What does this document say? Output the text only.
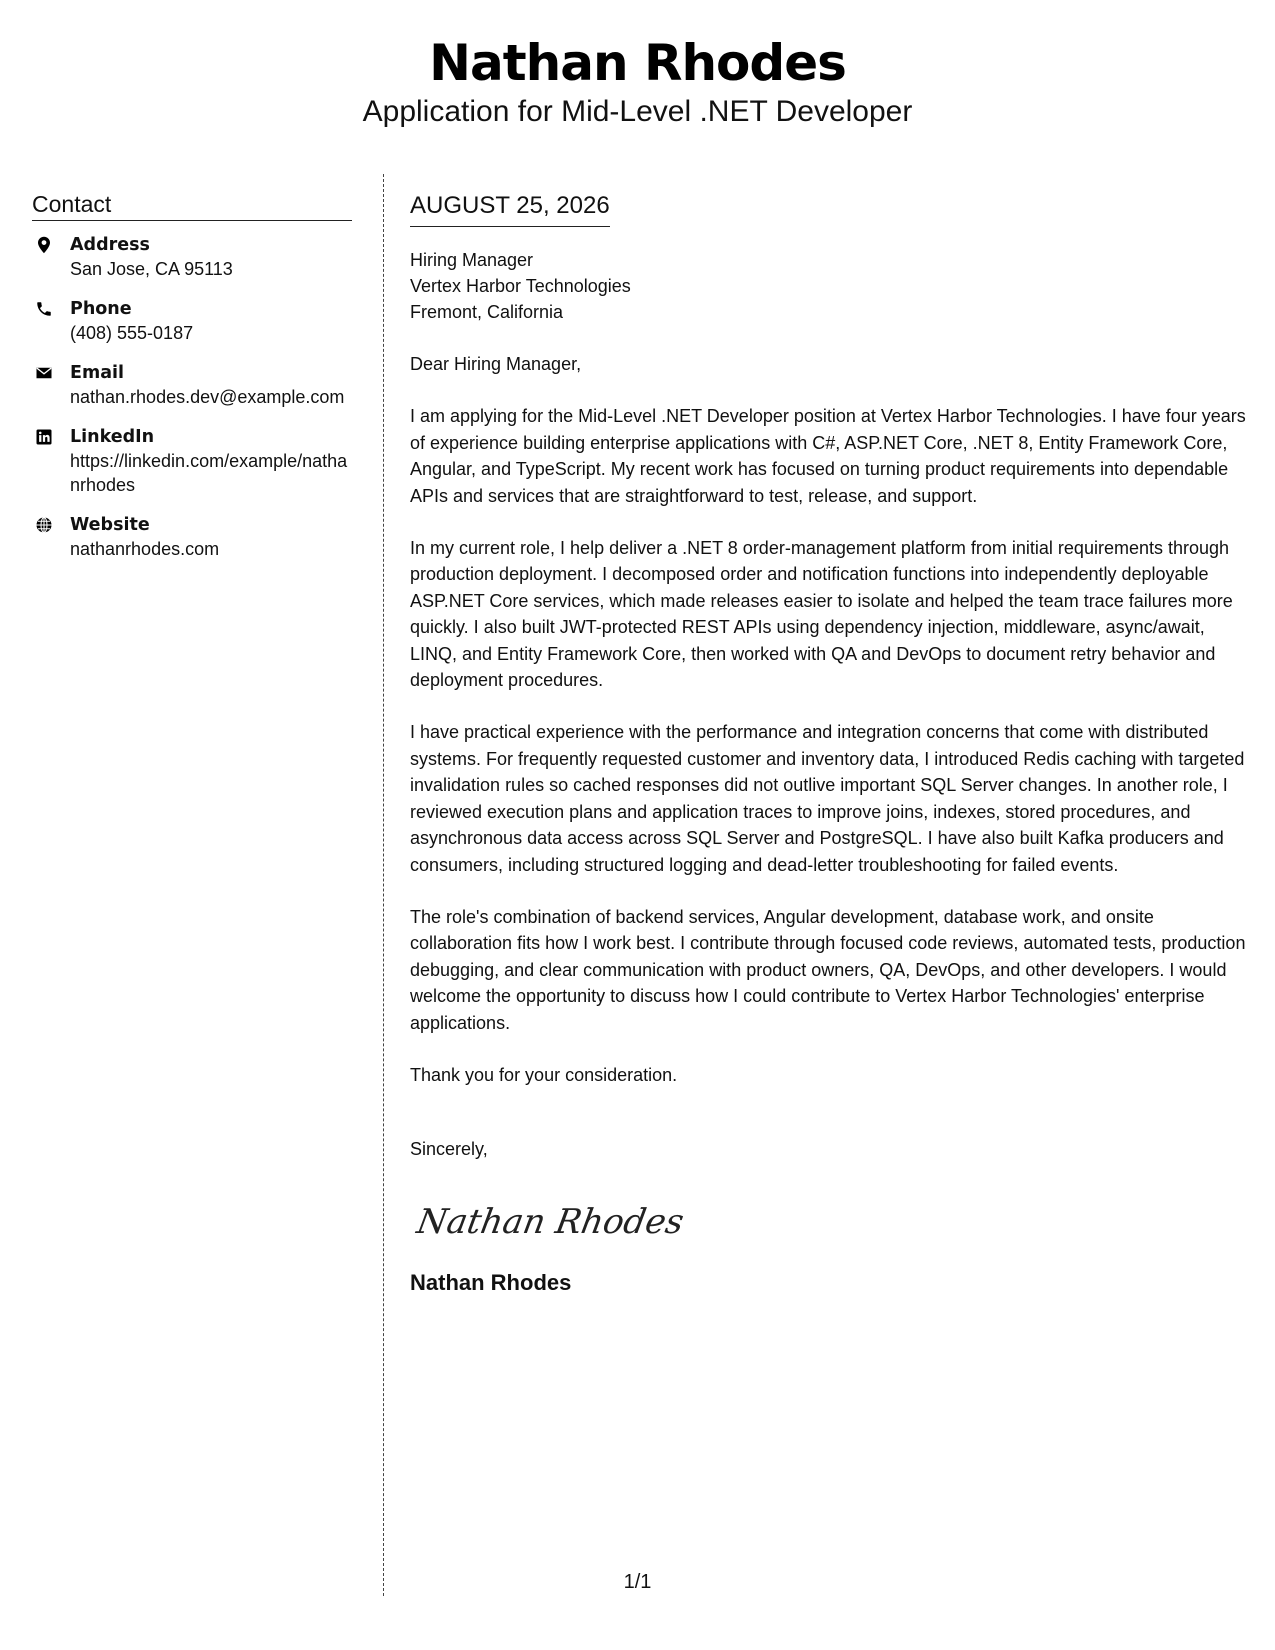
Nathan Rhodes
Application for Mid-Level .NET Developer
Contact
Address
San Jose, CA 95113
Phone
(408) 555-0187
Email
nathan.rhodes.dev@example.com
LinkedIn
https://linkedin.com/example/nathanrhodes
Website
nathanrhodes.com
AUGUST 25, 2026
Hiring Manager
Vertex Harbor Technologies
Fremont, California

Dear Hiring Manager,

I am applying for the Mid-Level .NET Developer position at Vertex Harbor Technologies. I have four years of experience building enterprise applications with C#, ASP.NET Core, .NET 8, Entity Framework Core, Angular, and TypeScript. My recent work has focused on turning product requirements into dependable APIs and services that are straightforward to test, release, and support.

In my current role, I help deliver a .NET 8 order-management platform from initial requirements through production deployment. I decomposed order and notification functions into independently deployable ASP.NET Core services, which made releases easier to isolate and helped the team trace failures more quickly. I also built JWT-protected REST APIs using dependency injection, middleware, async/await, LINQ, and Entity Framework Core, then worked with QA and DevOps to document retry behavior and deployment procedures.

I have practical experience with the performance and integration concerns that come with distributed systems. For frequently requested customer and inventory data, I introduced Redis caching with targeted invalidation rules so cached responses did not outlive important SQL Server changes. In another role, I reviewed execution plans and application traces to improve joins, indexes, stored procedures, and asynchronous data access across SQL Server and PostgreSQL. I have also built Kafka producers and consumers, including structured logging and dead-letter troubleshooting for failed events.

The role's combination of backend services, Angular development, database work, and onsite collaboration fits how I work best. I contribute through focused code reviews, automated tests, production debugging, and clear communication with product owners, QA, DevOps, and other developers. I would welcome the opportunity to discuss how I could contribute to Vertex Harbor Technologies' enterprise applications.

Thank you for your consideration.

Sincerely,

Nathan Rhodes
Nathan Rhodes
1/1
